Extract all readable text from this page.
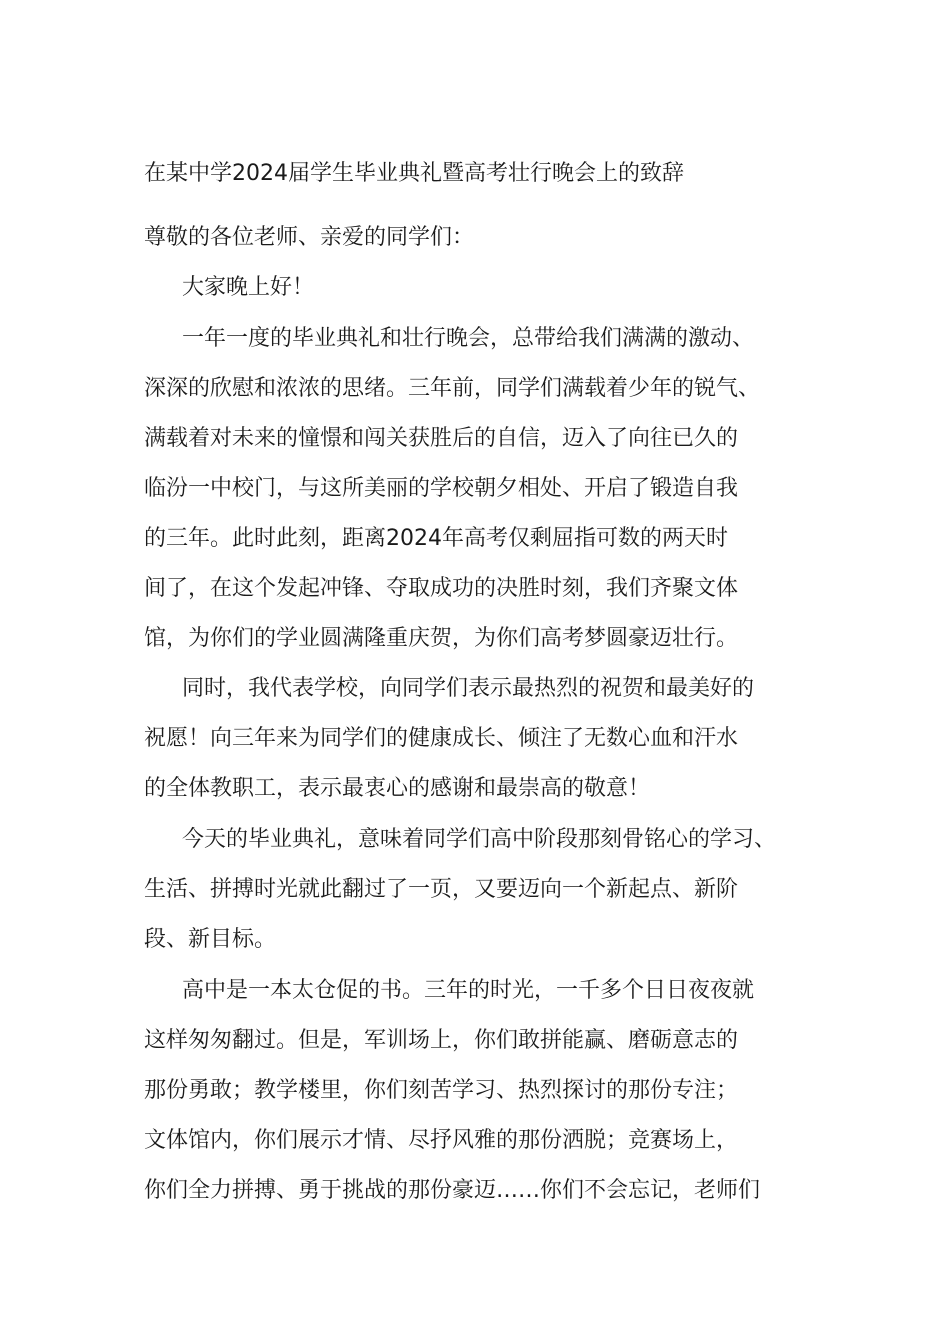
在某中学2024届学生毕业典礼暨高考壮行晚会上的致辞
尊敬的各位老师、亲爱的同学们：
大家晚上好！
一年一度的毕业典礼和壮行晚会，总带给我们满满的激动、
深深的欣慰和浓浓的思绪。三年前，同学们满载着少年的锐气、
满载着对未来的憧憬和闯关获胜后的自信，迈入了向往已久的
临汾一中校门，与这所美丽的学校朝夕相处、开启了锻造自我
的三年。此时此刻，距离2024年高考仅剩屈指可数的两天时
间了，在这个发起冲锋、夺取成功的决胜时刻，我们齐聚文体
馆，为你们的学业圆满隆重庆贺，为你们高考梦圆豪迈壮行。
同时，我代表学校，向同学们表示最热烈的祝贺和最美好的
祝愿！向三年来为同学们的健康成长、倾注了无数心血和汗水
的全体教职工，表示最衷心的感谢和最崇高的敬意！
今天的毕业典礼，意味着同学们高中阶段那刻骨铭心的学习、
生活、拼搏时光就此翻过了一页，又要迈向一个新起点、新阶
段、新目标。
高中是一本太仓促的书。三年的时光，一千多个日日夜夜就
这样匆匆翻过。但是，军训场上，你们敢拼能赢、磨砺意志的
那份勇敢；教学楼里，你们刻苦学习、热烈探讨的那份专注；
文体馆内，你们展示才情、尽抒风雅的那份洒脱；竞赛场上，
你们全力拼搏、勇于挑战的那份豪迈……你们不会忘记，老师们
